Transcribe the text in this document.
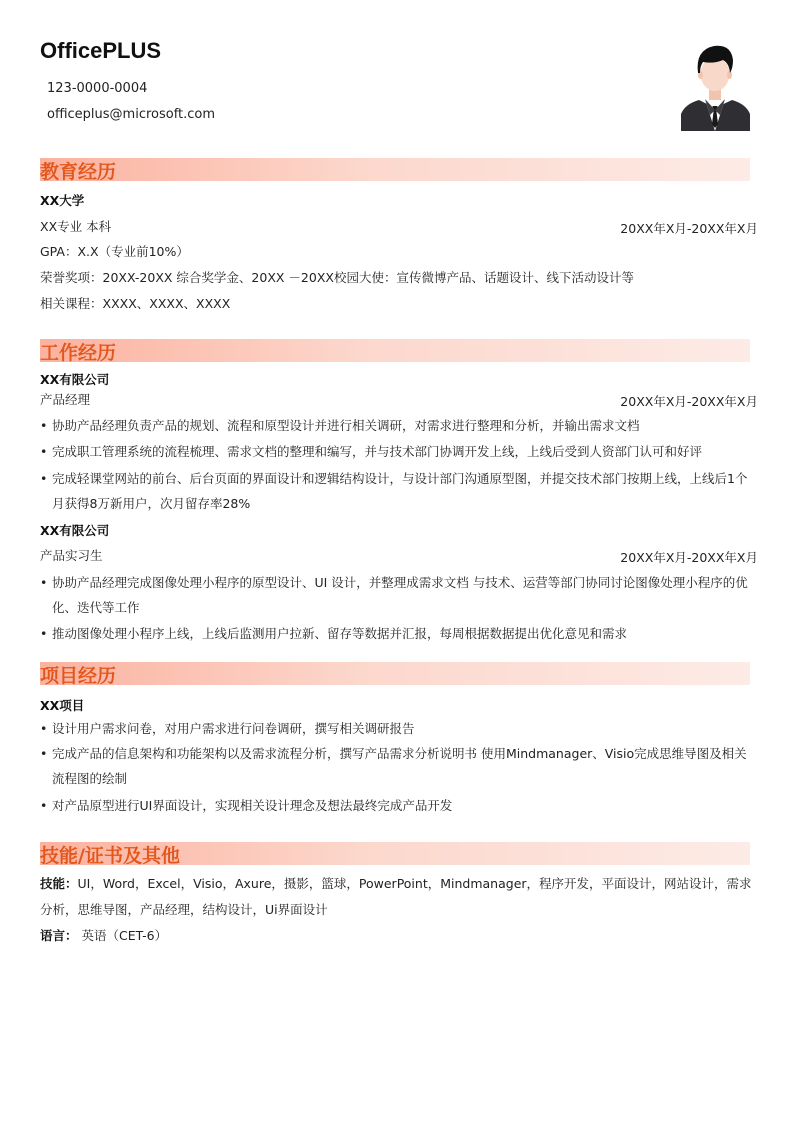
OfficePLUS
123-0000-0004
officeplus@microsoft.com
教育经历
XX大学
XX专业 本科	20XX年X月-20XX年X月
GPA：X.X（专业前10%）
荣誉奖项：20XX-20XX 综合奖学金、20XX －20XX校园大使：宣传微博产品、话题设计、线下活动设计等
相关课程：XXXX、XXXX、XXXX
工作经历
XX有限公司
产品经理	20XX年X月-20XX年X月
• 协助产品经理负责产品的规划、流程和原型设计并进行相关调研，对需求进行整理和分析，并输出需求文档
• 完成职工管理系统的流程梳理、需求文档的整理和编写，并与技术部门协调开发上线，上线后受到人资部门认可和好评
• 完成轻课堂网站的前台、后台页面的界面设计和逻辑结构设计，与设计部门沟通原型图，并提交技术部门按期上线，上线后1个月获得8万新用户，次月留存率28%
XX有限公司
产品实习生	20XX年X月-20XX年X月
• 协助产品经理完成图像处理小程序的原型设计、UI 设计，并整理成需求文档 与技术、运营等部门协同讨论图像处理小程序的优化、迭代等工作
• 推动图像处理小程序上线，上线后监测用户拉新、留存等数据并汇报，每周根据数据提出优化意见和需求
项目经历
XX项目
• 设计用户需求问卷，对用户需求进行问卷调研，撰写相关调研报告
• 完成产品的信息架构和功能架构以及需求流程分析，撰写产品需求分析说明书 使用Mindmanager、Visio完成思维导图及相关流程图的绘制
• 对产品原型进行UI界面设计，实现相关设计理念及想法最终完成产品开发
技能/证书及其他
技能：UI，Word，Excel，Visio，Axure，摄影，篮球，PowerPoint，Mindmanager，程序开发，平面设计，网站设计，需求分析，思维导图，产品经理，结构设计，Ui界面设计
语言： 英语（CET-6）
